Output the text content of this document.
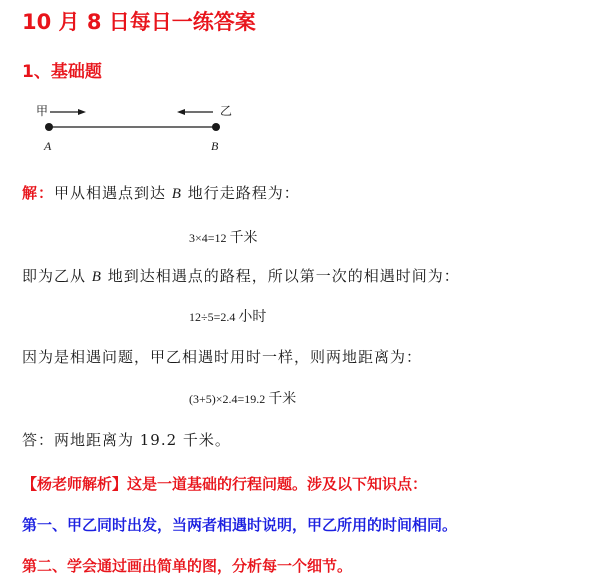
10 月 8 日每日一练答案
1、基础题
甲	乙
A	B
解：甲从相遇点到达 B 地行走路程为：
3×4=12 千米
即为乙从 B 地到达相遇点的路程，所以第一次的相遇时间为：
12÷5=2.4 小时
因为是相遇问题，甲乙相遇时用时一样，则两地距离为：
(3+5)×2.4=19.2 千米
答：两地距离为 19.2 千米。
【杨老师解析】这是一道基础的行程问题。涉及以下知识点：
第一、甲乙同时出发，当两者相遇时说明，甲乙所用的时间相同。
第二、学会通过画出简单的图，分析每一个细节。
